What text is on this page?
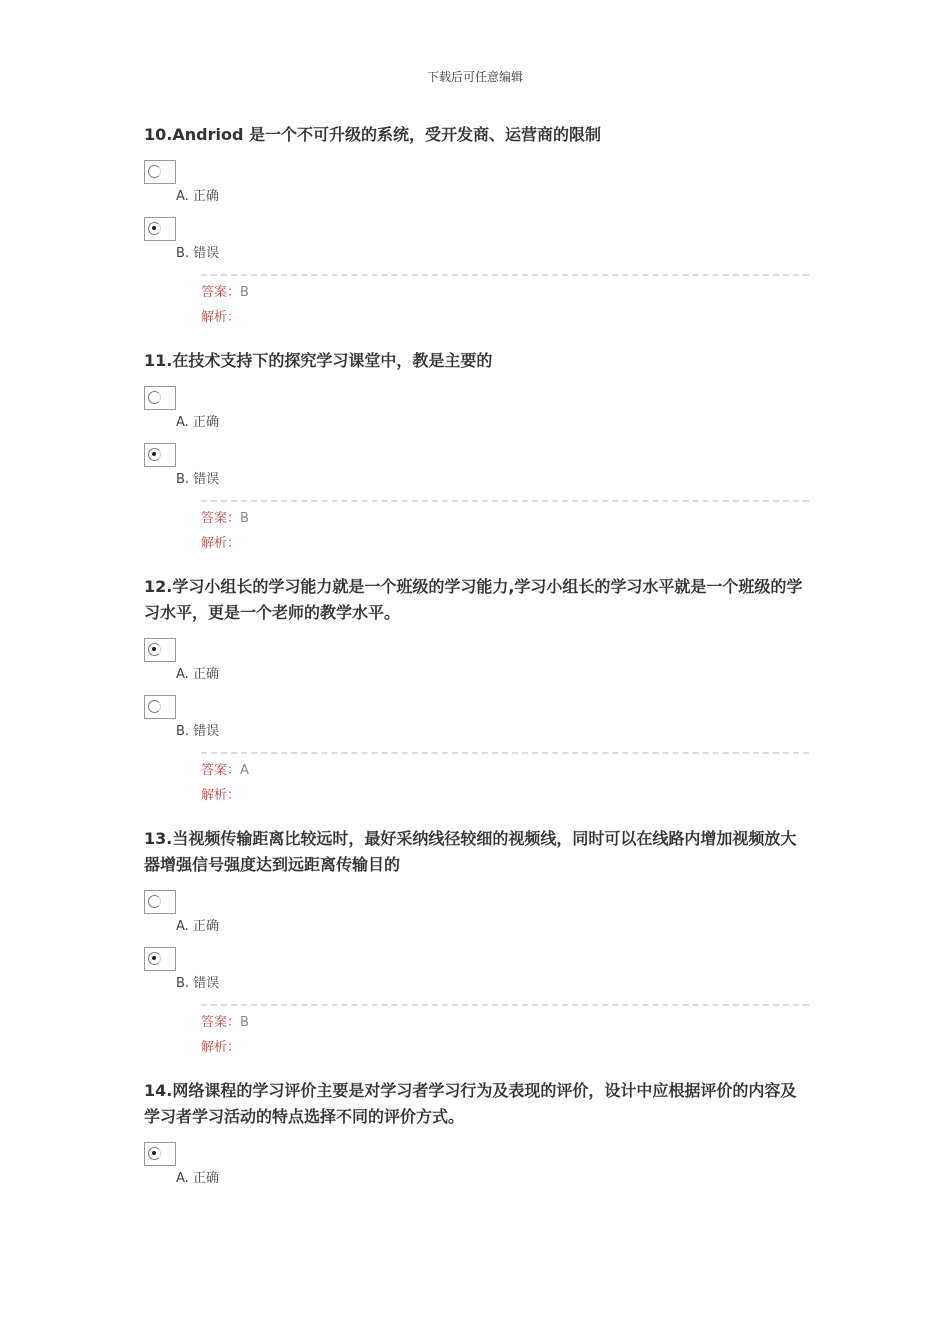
下载后可任意编辑
10.Andriod 是一个不可升级的系统，受开发商、运营商的限制
A. 正确
B. 错误
答案：B
解析：
11.在技术支持下的探究学习课堂中，教是主要的
A. 正确
B. 错误
答案：B
解析：
12.学习小组长的学习能力就是一个班级的学习能力,学习小组长的学习水平就是一个班级的学习水平，更是一个老师的教学水平。
A. 正确
B. 错误
答案：A
解析：
13.当视频传输距离比较远时，最好采纳线径较细的视频线，同时可以在线路内增加视频放大器增强信号强度达到远距离传输目的
A. 正确
B. 错误
答案：B
解析：
14.网络课程的学习评价主要是对学习者学习行为及表现的评价，设计中应根据评价的内容及学习者学习活动的特点选择不同的评价方式。
A. 正确
